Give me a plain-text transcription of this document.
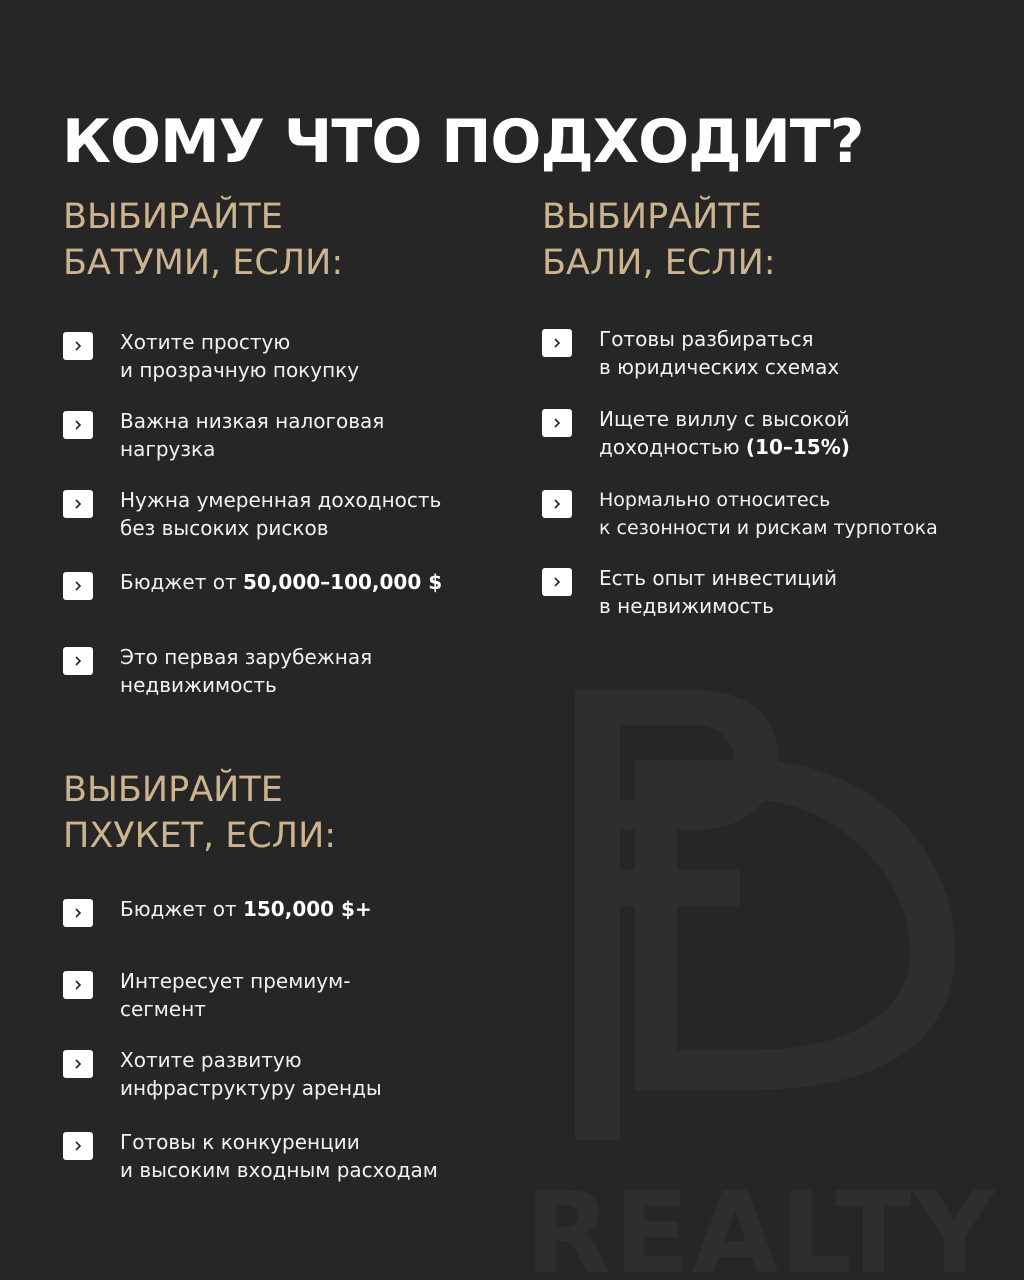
REALTY
КОМУ ЧТО ПОДХОДИТ?
ВЫБИРАЙТЕ
БАТУМИ, ЕСЛИ:
Хотите простую
и прозрачную покупку
Важна низкая налоговая
нагрузка
Нужна умеренная доходность
без высоких рисков
Бюджет от 50,000–100,000 $
Это первая зарубежная
недвижимость
ВЫБИРАЙТЕ
БАЛИ, ЕСЛИ:
Готовы разбираться
в юридических схемах
Ищете виллу с высокой
доходностью (10–15%)
Нормально относитесь
к сезонности и рискам турпотока
Есть опыт инвестиций
в недвижимость
ВЫБИРАЙТЕ
ПХУКЕТ, ЕСЛИ:
Бюджет от 150,000 $+
Интересует премиум-
сегмент
Хотите развитую
инфраструктуру аренды
Готовы к конкуренции
и высоким входным расходам
